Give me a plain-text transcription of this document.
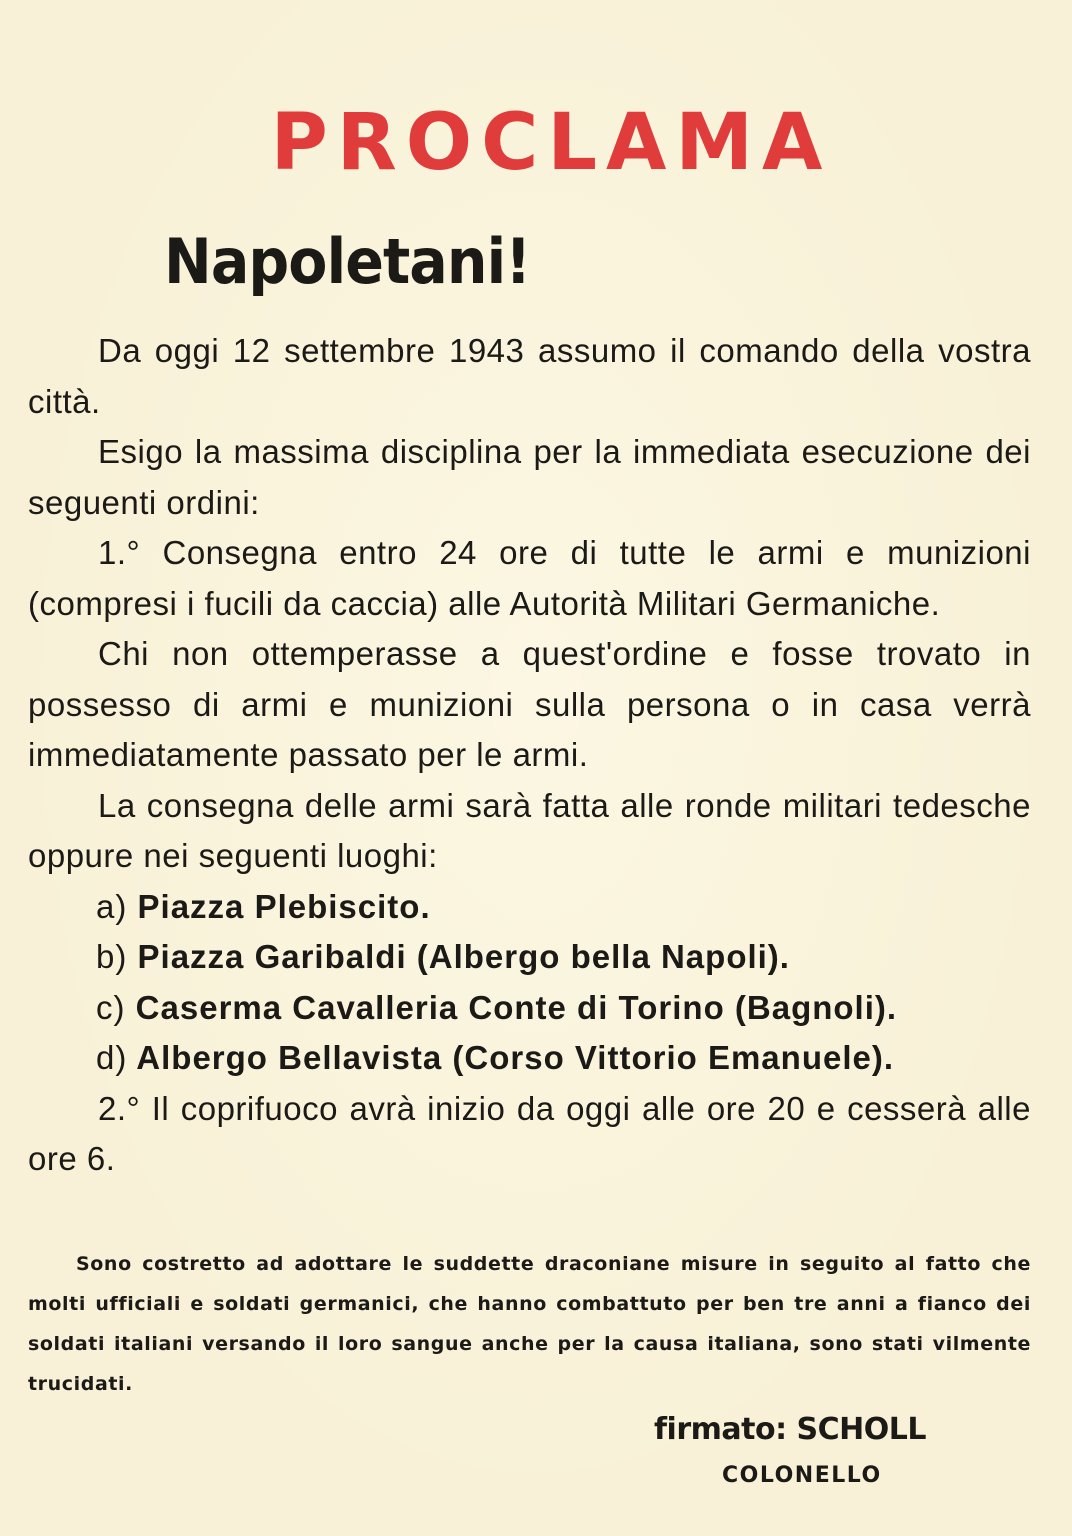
PROCLAMA
Napoletani!

Da oggi 12 settembre 1943 assumo il comando della vostra città.

Esigo la massima disciplina per la immediata esecuzione dei seguenti ordini:

1.° Consegna entro 24 ore di tutte le armi e munizioni (compresi i fucili da caccia) alle Autorità Militari Germaniche.

Chi non ottemperasse a quest'ordine e fosse trovato in possesso di armi e munizioni sulla persona o in casa verrà immediatamente passato per le armi.

La consegna delle armi sarà fatta alle ronde militari tedesche oppure nei seguenti luoghi:

a) Piazza Plebiscito.

b) Piazza Garibaldi (Albergo bella Napoli).

c) Caserma Cavalleria Conte di Torino (Bagnoli).

d) Albergo Bellavista (Corso Vittorio Emanuele).

2.° Il coprifuoco avrà inizio da oggi alle ore 20 e cesserà alle ore 6.

Sono costretto ad adottare le suddette draconiane misure in seguito al fatto che molti ufficiali e soldati germanici, che hanno combattuto per ben tre anni a fianco dei soldati italiani versando il loro sangue anche per la causa italiana, sono stati vilmente trucidati.
firmato: SCHOLL
COLONELLO
